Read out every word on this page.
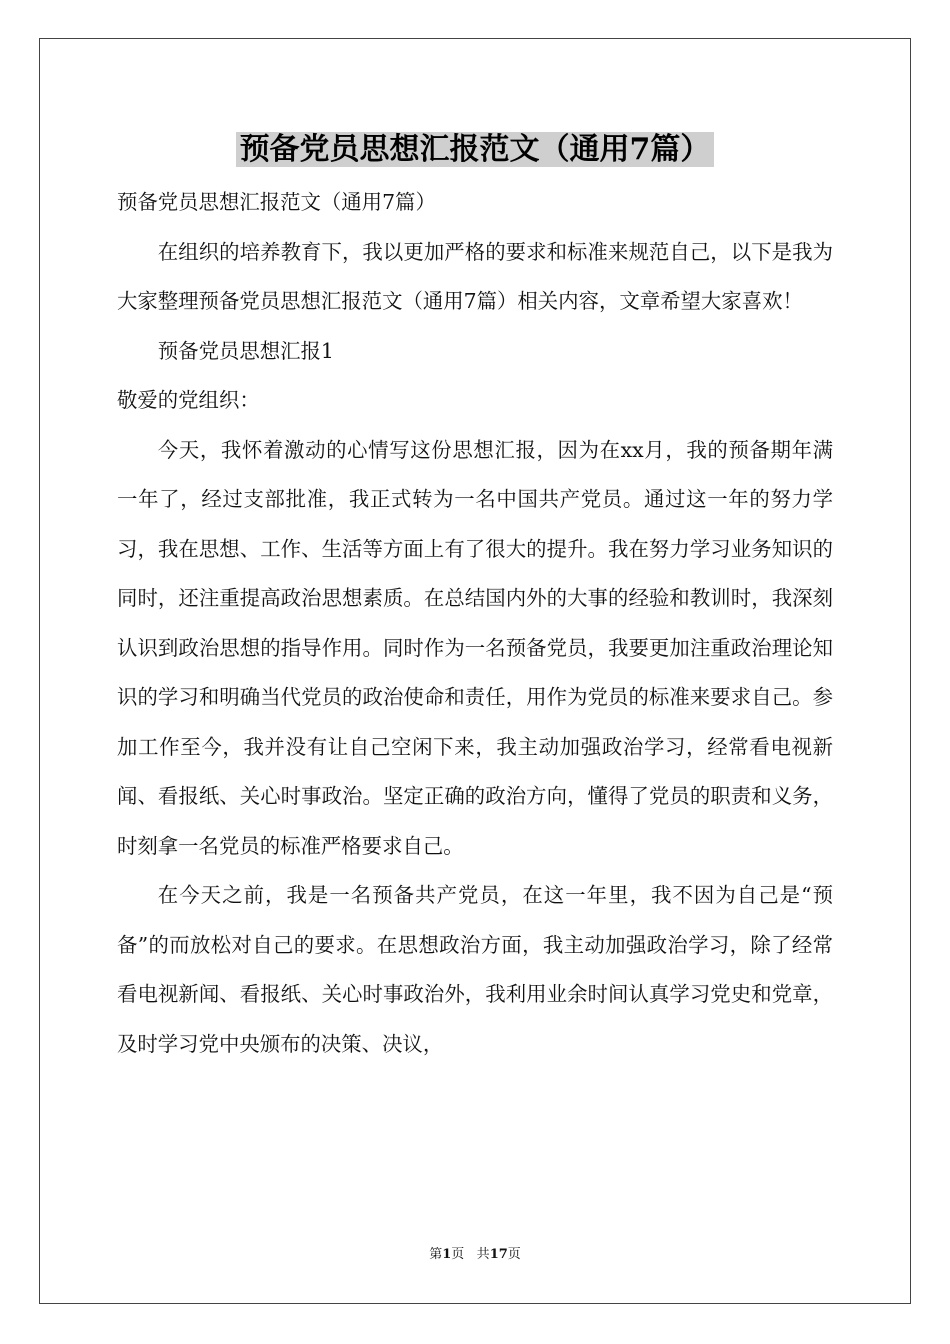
预备党员思想汇报范文（通用7篇）

预备党员思想汇报范文（通用7篇）

在组织的培养教育下，我以更加严格的要求和标准来规范自己，以下是我为大家整理预备党员思想汇报范文（通用7篇）相关内容，文章希望大家喜欢！

预备党员思想汇报1

敬爱的党组织：

今天，我怀着激动的心情写这份思想汇报，因为在xx月，我的预备期年满一年了，经过支部批准，我正式转为一名中国共产党员。通过这一年的努力学习，我在思想、工作、生活等方面上有了很大的提升。我在努力学习业务知识的同时，还注重提高政治思想素质。在总结国内外的大事的经验和教训时，我深刻认识到政治思想的指导作用。同时作为一名预备党员，我要更加注重政治理论知识的学习和明确当代党员的政治使命和责任，用作为党员的标准来要求自己。参加工作至今，我并没有让自己空闲下来，我主动加强政治学习，经常看电视新闻、看报纸、关心时事政治。坚定正确的政治方向，懂得了党员的职责和义务，时刻拿一名党员的标准严格要求自己。

在今天之前，我是一名预备共产党员，在这一年里，我不因为自己是“预备”的而放松对自己的要求。在思想政治方面，我主动加强政治学习，除了经常看电视新闻、看报纸、关心时事政治外，我利用业余时间认真学习党史和党章，及时学习党中央颁布的决策、决议，

第1页 共17页
